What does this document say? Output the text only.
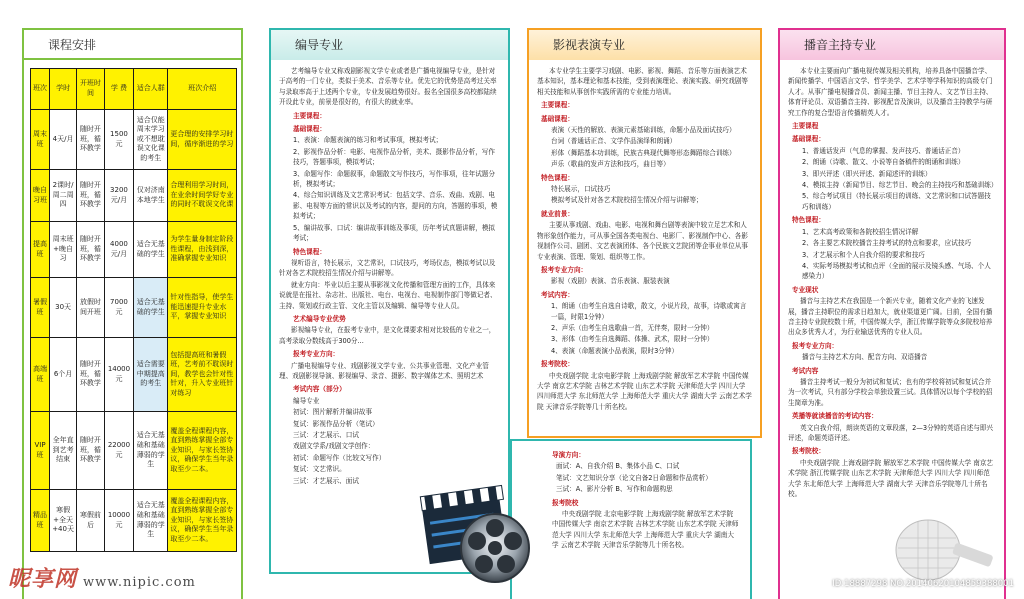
课程安排
班次	学时	开班时间	学 费	适合人群	班次介绍
周末班	4天/月	随时开班，循环教学	1500元	适合仅能周末学习或不想耽误文化课的考生	更合理的安排学习时间，循序渐进的学习
晚自习班	2课时/周二周四	随时开班，循环教学	3200元/月	仅对济南本地学生	合理利用学习时间，在业余时间学好专业的同时不耽误文化课
提高班	周末班+晚自习	随时开班，循环教学	4000元/月	适合无基础的学生	为学生量身制定阶段性课程，由浅到深，准确掌握专业知识
暑假班	30天	放假时间开班	7000元	适合无基础的学生	针对性指导，使学生能迅速提升专业水平，掌握专业知识
高端班	6个月	随时开班，循环教学	14000元	适合需要中期提高的考生	包括提高班和暑假班，艺考前不耽误时间，教学也会针对性针对，升入专业班针对练习
VIP班	全年直到艺考结束	随时开班，循环教学	22000元	适合无基础和基础薄弱的学生	覆盖全程课程内容，直到熟练掌握全部专业知识，与家长签协议，确保学生当年录取至少二本。
精品班	寒假+全天+40天	寒假前后	10000元	适合无基础和基础薄弱的学生	覆盖全程课程内容，直到熟练掌握全部专业知识，与家长签协议，确保学生当年录取至少二本。
编导专业

艺考编导专业又称戏剧影视文学专业或者是广播电视编导专业，是针对于高考的一门专业，类似于美术、音乐等专业。优先它的优势是高考过关率与录取率高于上述两个专业，专业发展趋势很好。报名全国很多高校都陆续开设此专业，前景是很好的，有很大的就业率。

主要课程：
基础课程：
1、表演：命题表演的练习和考试事项，模拟考试；
2、影视作品分析：电影、电视作品分析，美术、摄影作品分析，写作技巧，答题事项，模拟考试；
3、命题写作：命题叙事，命题散文写作技巧，写作事项，往年试题分析，模拟考试；
4、综合知识训练及文艺常识考试：包括文学、音乐、戏曲、戏剧、电影、电视等方面的常识以及考试的内容，提问的方向，答题的事项，模拟考试；
5、编讲故事、口试：编讲故事训练及事项，历年考试真题讲解，模拟考试；
特色课程：

视听语言，特长展示，文艺常识，口试技巧，考场仪态，模拟考试以及针对各艺术院校招生情况介绍与讲解等。

就业方向：毕业以后主要从事影视文化传播和管理方面的工作，具体来说就是在报社、杂志社、出版社、电台、电视台、电视制作部门等做记者、主持、策划或行政主管、文化主管以及编辑、编导等专业人员。

艺术编导专业优势

影视编导专业，在报考专业中，是文化课要求相对比较低的专业之一，高考录取分数线高于300分...

报考专业方向：

广播电视编导专业、戏剧影视文学专业、公共事业管理、文化产业管理、戏剧影视导演、影视编导、录音、摄影、数字媒体艺术、照明艺术

考试内容（部分）
编导专业
初试：图片解析并编讲故事
复试：影视作品分析（笔试）
三试：才艺展示、口试
戏剧文学系/戏剧文学创作：
初试：命题写作（比较文写作）
复试：文艺常识。
三试：才艺展示、面试
影视表演专业

本专业学生主要学习戏剧、电影、影视、舞蹈、音乐等方面表演艺术基本知识，基本理论和基本技能，受到表演理论、表演实践、研究戏剧等相关技能和从事创作实践所需的专业能力培训。

主要课程：
基础课程：
表演（天性的解放、表演元素基础训练，命题小品及面试技巧）
台词（普通话正音、文学作品演绎和朗诵）
形体（舞蹈基本功训练，民族古典现代舞等形态舞蹈综合训练）
声乐（歌曲的发声方法和技巧，曲目等）
特色课程：
特长展示，口试技巧
模拟考试及针对各艺术院校招生情况介绍与讲解等；
就业前景：

主要从事戏剧、戏曲、电影、电视和舞台剧等表演中较立足艺术和人物形象创作能力，可从事全国各类电视台、电影厂、影视制作中心、各影视制作公司、剧团、文艺表演团体、各个民族文艺院团等企事业单位从事专业表演、管理、策划、组织等工作。

报考专业方向：
影视（戏剧）表演、音乐表演、服装表演
考试内容：
1、朗诵（由考生自选自诗歌，散文，小说片段，故事，诗歌或寓言一篇，时限1分钟）
2、声乐（由考生自选歌曲一首，无伴奏，限时一分钟）
3、形体（由考生自选舞蹈、体操、武术，限时一分钟）
4、表演（命题表演小品表演，限时3分钟）
报考院校：

中央戏剧学院 北京电影学院 上海戏剧学院 解放军艺术学院 中国传媒大学 南京艺术学院 吉林艺术学院 山东艺术学院 天津师范大学 四川大学 四川师范大学 东北师范大学 上海师范大学 重庆大学 湖南大学 云南艺术学院 天津音乐学院等几十所名校。

导演方向：
面试：A、自我介绍 B、集体小品 C、口试
笔试：文艺知识分享（论文自备2日命题和作品赏析）
三试：A、影片分析 B、写作和命题构思
报考院校

中央戏剧学院 北京电影学院 上海戏剧学院 解放军艺术学院 中国传媒大学 南京艺术学院 吉林艺术学院 山东艺术学院 天津师范大学 四川大学 东北师范大学 上海师范大学 重庆大学 湖南大学 云南艺术学院 天津音乐学院等几十所名校。

播音主持专业

本专业主要面向广播电视传媒及相关机构，培养具备中国播音学、新闻传播学、中国语言文学、哲学美学、艺术学等学科知识的高级专门人才。从事广播电视播音员、新闻主播、节目主持人、文艺节目主持、体育评论员、双语播音主持、影视配音及演讲，以及播音主持教学与研究工作的复合型语言传播精英人才。

主要课程
基础课程：
1、普通话发声（气息的掌握、发声技巧、普通话正音）
2、朗诵（诗歌、散文、小说等自备稿件的朗诵和训练）
3、即兴评述（即兴评述、新闻述评的训练）
4、模拟主持（新闻节目、综艺节目、晚会的主持技巧和基础训练）
5、综合考试项目（特长展示项目的训练、文艺常识和口试答题技巧和训练）
特色课程：
1、艺术高考政策和各院校招生情况详解
2、各主要艺术院校播音主持考试的特点和要求，应试技巧
3、才艺展示和个人自我介绍的要求和技巧
4、实际考场模拟考试和点评（全面的展示及镜头感、气场、个人感染力）
专业现状

播音与主持艺术在我国是一个新兴专业，随着文化产业的飞速发展，播音主持职位的需求日趋加大，就业渠道更广阔。目前，全国有播音主持专业院校数十所，中国传媒大学，浙江传媒学院等众多院校培养出众多优秀人才，为行业输送优秀的专业人员。

报考专业方向：
播音与主持艺术方向、配音方向、双语播音
考试内容

播音主持考试一般分为初试和复试；也有的学校将初试和复试合并为一次考试，只有部分学校会单独设置三试。具体情况以每个学校的招生简章为准。

英播等就读播音的考试内容：

英文自我介绍，朗读英语的文章段落，2—3分钟的英语自述与即兴评述，命题英语评述。

报考院校：

中央戏剧学院 上海戏剧学院 解放军艺术学院 中国传媒大学 南京艺术学院 浙江传媒学院 山东艺术学院 天津师范大学 四川大学 四川师范大学 东北师范大学 上海师范大学 湖南大学 天津音乐学院等几十所名校。

昵享网 www.nipic.com	ID:18887298 NO:20140620104859388001
